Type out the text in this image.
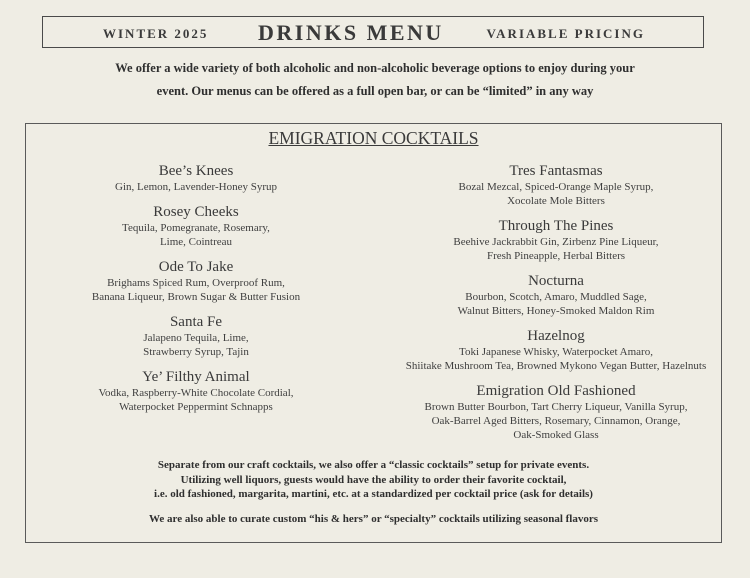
WINTER 2025 DRINKS MENU	VARIABLE PRICING
We offer a wide variety of both alcoholic and non-alcoholic beverage options to enjoy during your
event. Our menus can be offered as a full open bar, or can be “limited” in any way
EMIGRATION COCKTAILS
Bee’s Knees
Gin, Lemon, Lavender-Honey Syrup
Rosey Cheeks
Tequila, Pomegranate, Rosemary,
Lime, Cointreau
Ode To Jake
Brighams Spiced Rum, Overproof Rum,
Banana Liqueur, Brown Sugar & Butter Fusion
Santa Fe
Jalapeno Tequila, Lime,
Strawberry Syrup, Tajin
Ye’ Filthy Animal
Vodka, Raspberry-White Chocolate Cordial,
Waterpocket Peppermint Schnapps
Tres Fantasmas
Bozal Mezcal, Spiced-Orange Maple Syrup,
Xocolate Mole Bitters
Through The Pines
Beehive Jackrabbit Gin, Zirbenz Pine Liqueur,
Fresh Pineapple, Herbal Bitters
Nocturna
Bourbon, Scotch, Amaro, Muddled Sage,
Walnut Bitters, Honey-Smoked Maldon Rim
Hazelnog
Toki Japanese Whisky, Waterpocket Amaro,
Shiitake Mushroom Tea, Browned Mykono Vegan Butter, Hazelnuts
Emigration Old Fashioned
Brown Butter Bourbon, Tart Cherry Liqueur, Vanilla Syrup,
Oak-Barrel Aged Bitters, Rosemary, Cinnamon, Orange,
Oak-Smoked Glass
Separate from our craft cocktails, we also offer a “classic cocktails” setup for private events.
Utilizing well liquors, guests would have the ability to order their favorite cocktail,
i.e. old fashioned, margarita, martini, etc. at a standardized per cocktail price (ask for details)
We are also able to curate custom “his & hers” or “specialty” cocktails utilizing seasonal flavors
